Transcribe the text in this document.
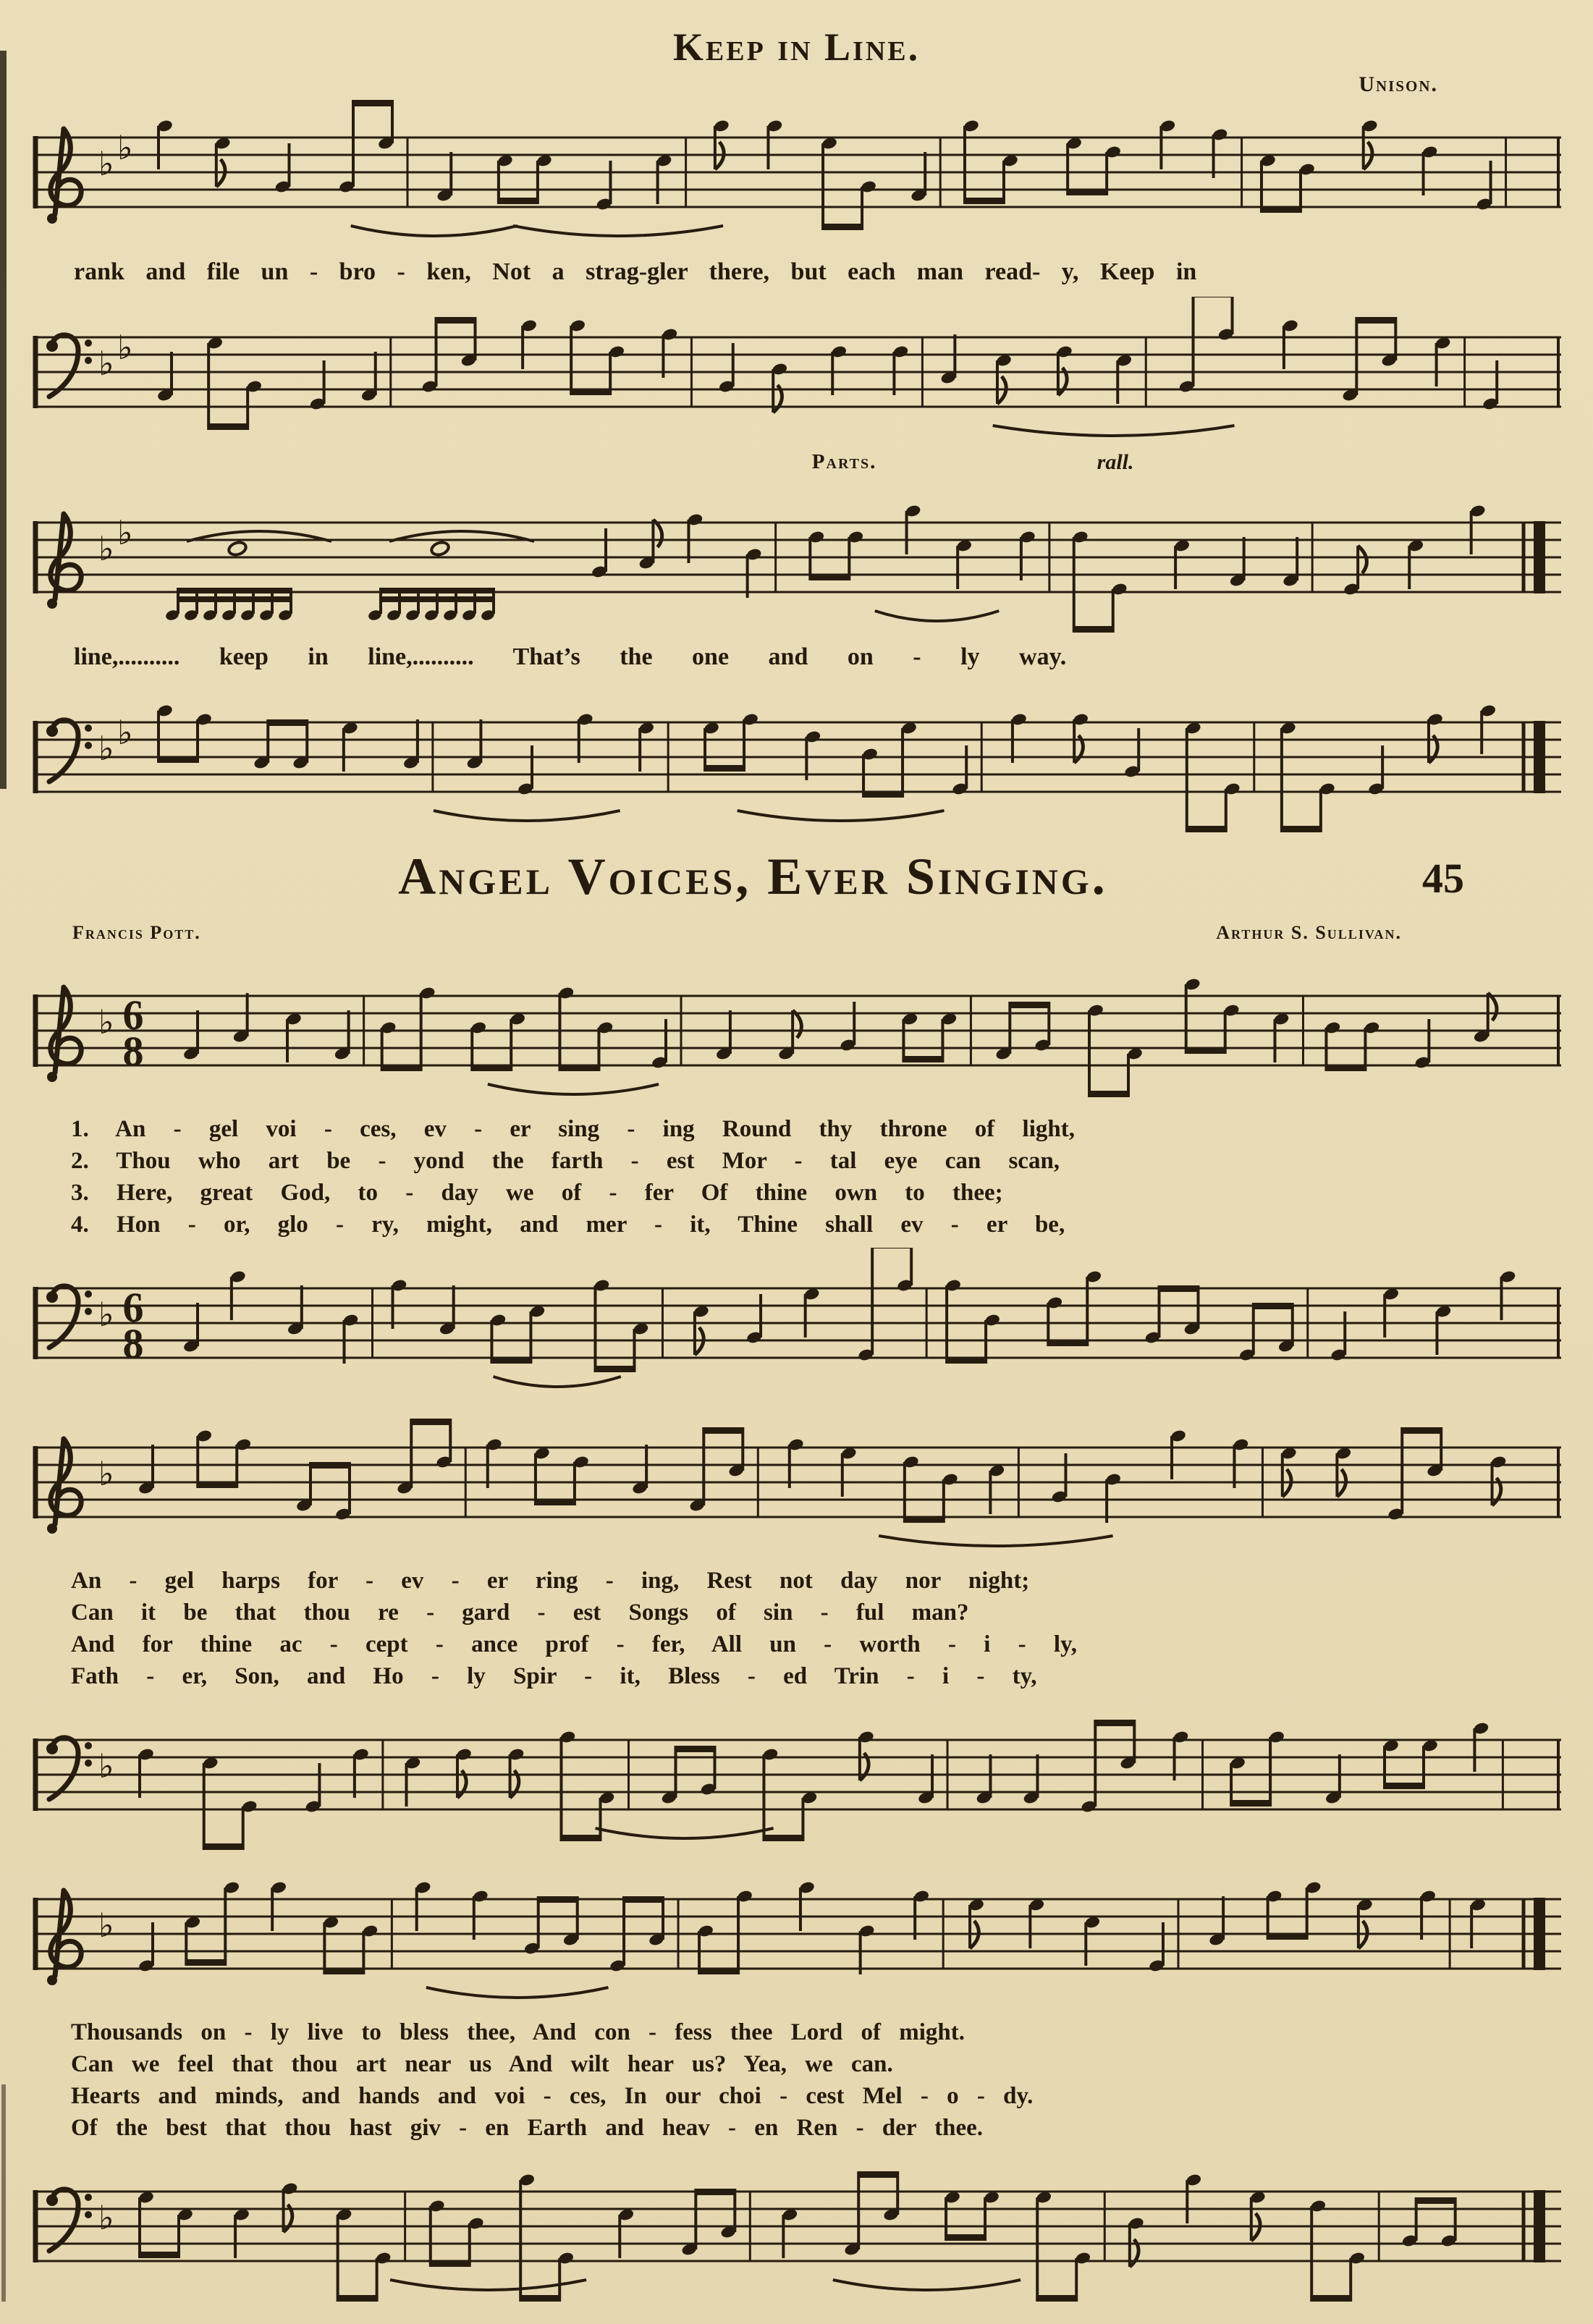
Keep in Line.
Unison.
♭ ♭
rank and file un - bro - ken, Not a strag-gler there, but each man read- y, Keep in
♭ ♭
Parts.	rall.
♭ ♭
line,.......... keep in line,.......... That’s the one and on - ly way.
♭ ♭
Angel Voices, Ever Singing.	45
Francis Pott.	Arthur S. Sullivan.
♭ 6
8
1. An - gel voi - ces, ev - er sing - ing Round thy throne of light,
2. Thou who art be - yond the farth - est Mor - tal eye can scan,
3. Here, great God, to - day we of - fer Of thine own to thee;
4. Hon - or, glo - ry, might, and mer - it, Thine shall ev - er be,
♭ 6
8
♭
An - gel harps for - ev - er ring - ing, Rest not day nor night;
Can it be that thou re - gard - est Songs of sin - ful man?
And for thine ac - cept - ance prof - fer, All un - worth - i - ly,
Fath - er, Son, and Ho - ly Spir - it, Bless - ed Trin - i - ty,
♭
♭
Thousands on - ly live to bless thee, And con - fess thee Lord of might.
Can we feel that thou art near us And wilt hear us? Yea, we can.
Hearts and minds, and hands and voi - ces, In our choi - cest Mel - o - dy.
Of the best that thou hast giv - en Earth and heav - en Ren - der thee.
♭
